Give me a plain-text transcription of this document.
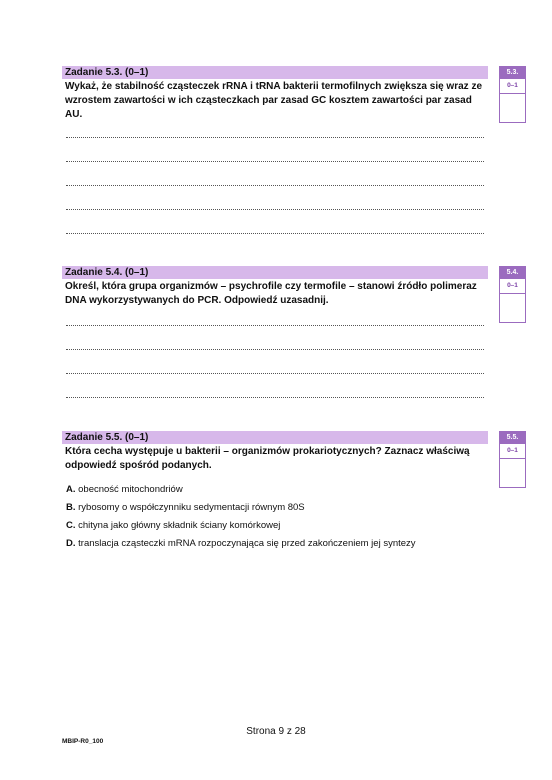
Zadanie 5.3. (0–1)
Wykaż, że stabilność cząsteczek rRNA i tRNA bakterii termofilnych zwiększa się wraz ze wzrostem zawartości w ich cząsteczkach par zasad GC kosztem zawartości par zasad AU.
5.3.
0–1
Zadanie 5.4. (0–1)
Określ, która grupa organizmów – psychrofile czy termofile – stanowi źródło polimeraz DNA wykorzystywanych do PCR. Odpowiedź uzasadnij.
5.4.
0–1
Zadanie 5.5. (0–1)
Która cecha występuje u bakterii – organizmów prokariotycznych? Zaznacz właściwą odpowiedź spośród podanych.
5.5.
0–1
A. obecność mitochondriów
B. rybosomy o współczynniku sedymentacji równym 80S
C. chityna jako główny składnik ściany komórkowej
D. translacja cząsteczki mRNA rozpoczynająca się przed zakończeniem jej syntezy
Strona 9 z 28
MBIP-R0_100
